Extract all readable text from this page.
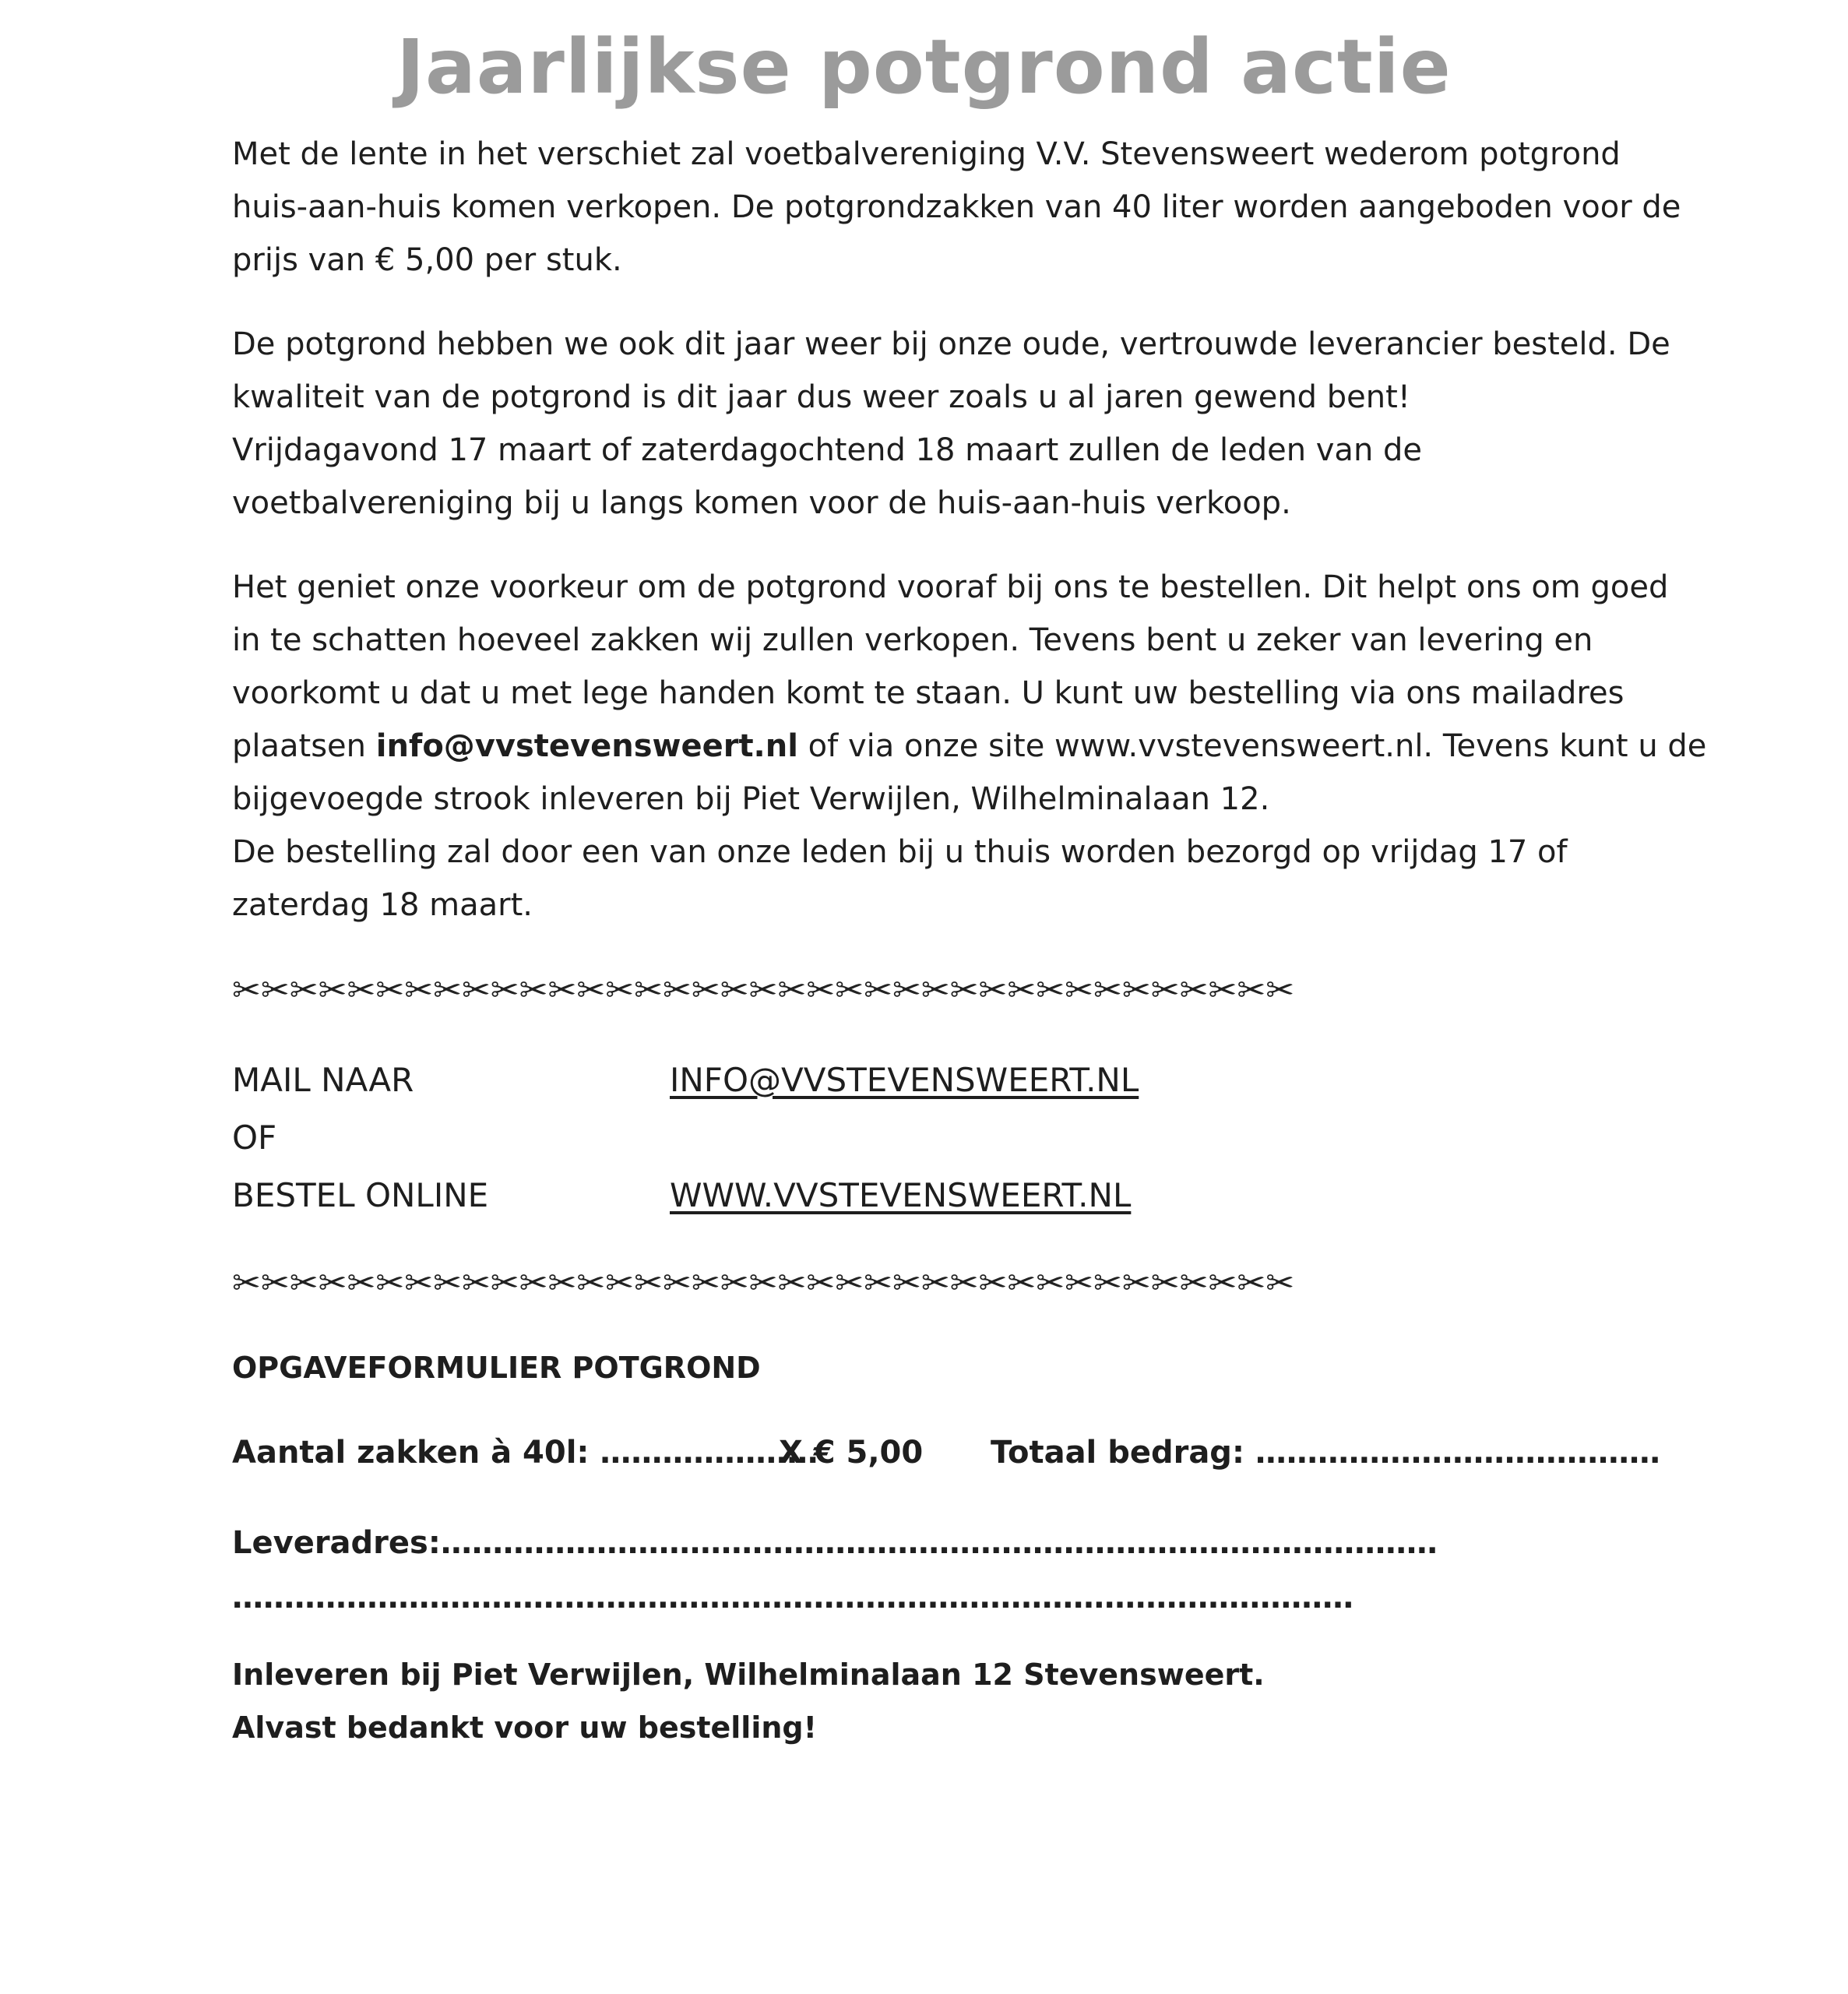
Jaarlijkse potgrond actie
Met de lente in het verschiet zal voetbalvereniging V.V. Stevensweert wederom potgrond
huis-aan-huis komen verkopen. De potgrondzakken van 40 liter worden aangeboden voor de
prijs van € 5,00 per stuk.
De potgrond hebben we ook dit jaar weer bij onze oude, vertrouwde leverancier besteld. De
kwaliteit van de potgrond is dit jaar dus weer zoals u al jaren gewend bent!
Vrijdagavond 17 maart of zaterdagochtend 18 maart zullen de leden van de
voetbalvereniging bij u langs komen voor de huis-aan-huis verkoop.
Het geniet onze voorkeur om de potgrond vooraf bij ons te bestellen. Dit helpt ons om goed
in te schatten hoeveel zakken wij zullen verkopen. Tevens bent u zeker van levering en
voorkomt u dat u met lege handen komt te staan. U kunt uw bestelling via ons mailadres
plaatsen info@vvstevensweert.nl of via onze site www.vvstevensweert.nl. Tevens kunt u de
bijgevoegde strook inleveren bij Piet Verwijlen, Wilhelminalaan 12.
De bestelling zal door een van onze leden bij u thuis worden bezorgd op vrijdag 17 of
zaterdag 18 maart.
✂✂✂✂✂✂✂✂✂✂✂✂✂✂✂✂✂✂✂✂✂✂✂✂✂✂✂✂✂✂✂✂✂✂✂✂✂
MAIL NAAR	INFO@VVSTEVENSWEERT.NL
OF
BESTEL ONLINE	WWW.VVSTEVENSWEERT.NL
✂✂✂✂✂✂✂✂✂✂✂✂✂✂✂✂✂✂✂✂✂✂✂✂✂✂✂✂✂✂✂✂✂✂✂✂✂
OPGAVEFORMULIER POTGROND
Aantal zakken à 40l: …………………
X € 5,00 Totaal bedrag: …………………………………
Leveradres:……………………………………………………………………………………
………………………………………………………………………………………………
Inleveren bij Piet Verwijlen, Wilhelminalaan 12 Stevensweert.
Alvast bedankt voor uw bestelling!
